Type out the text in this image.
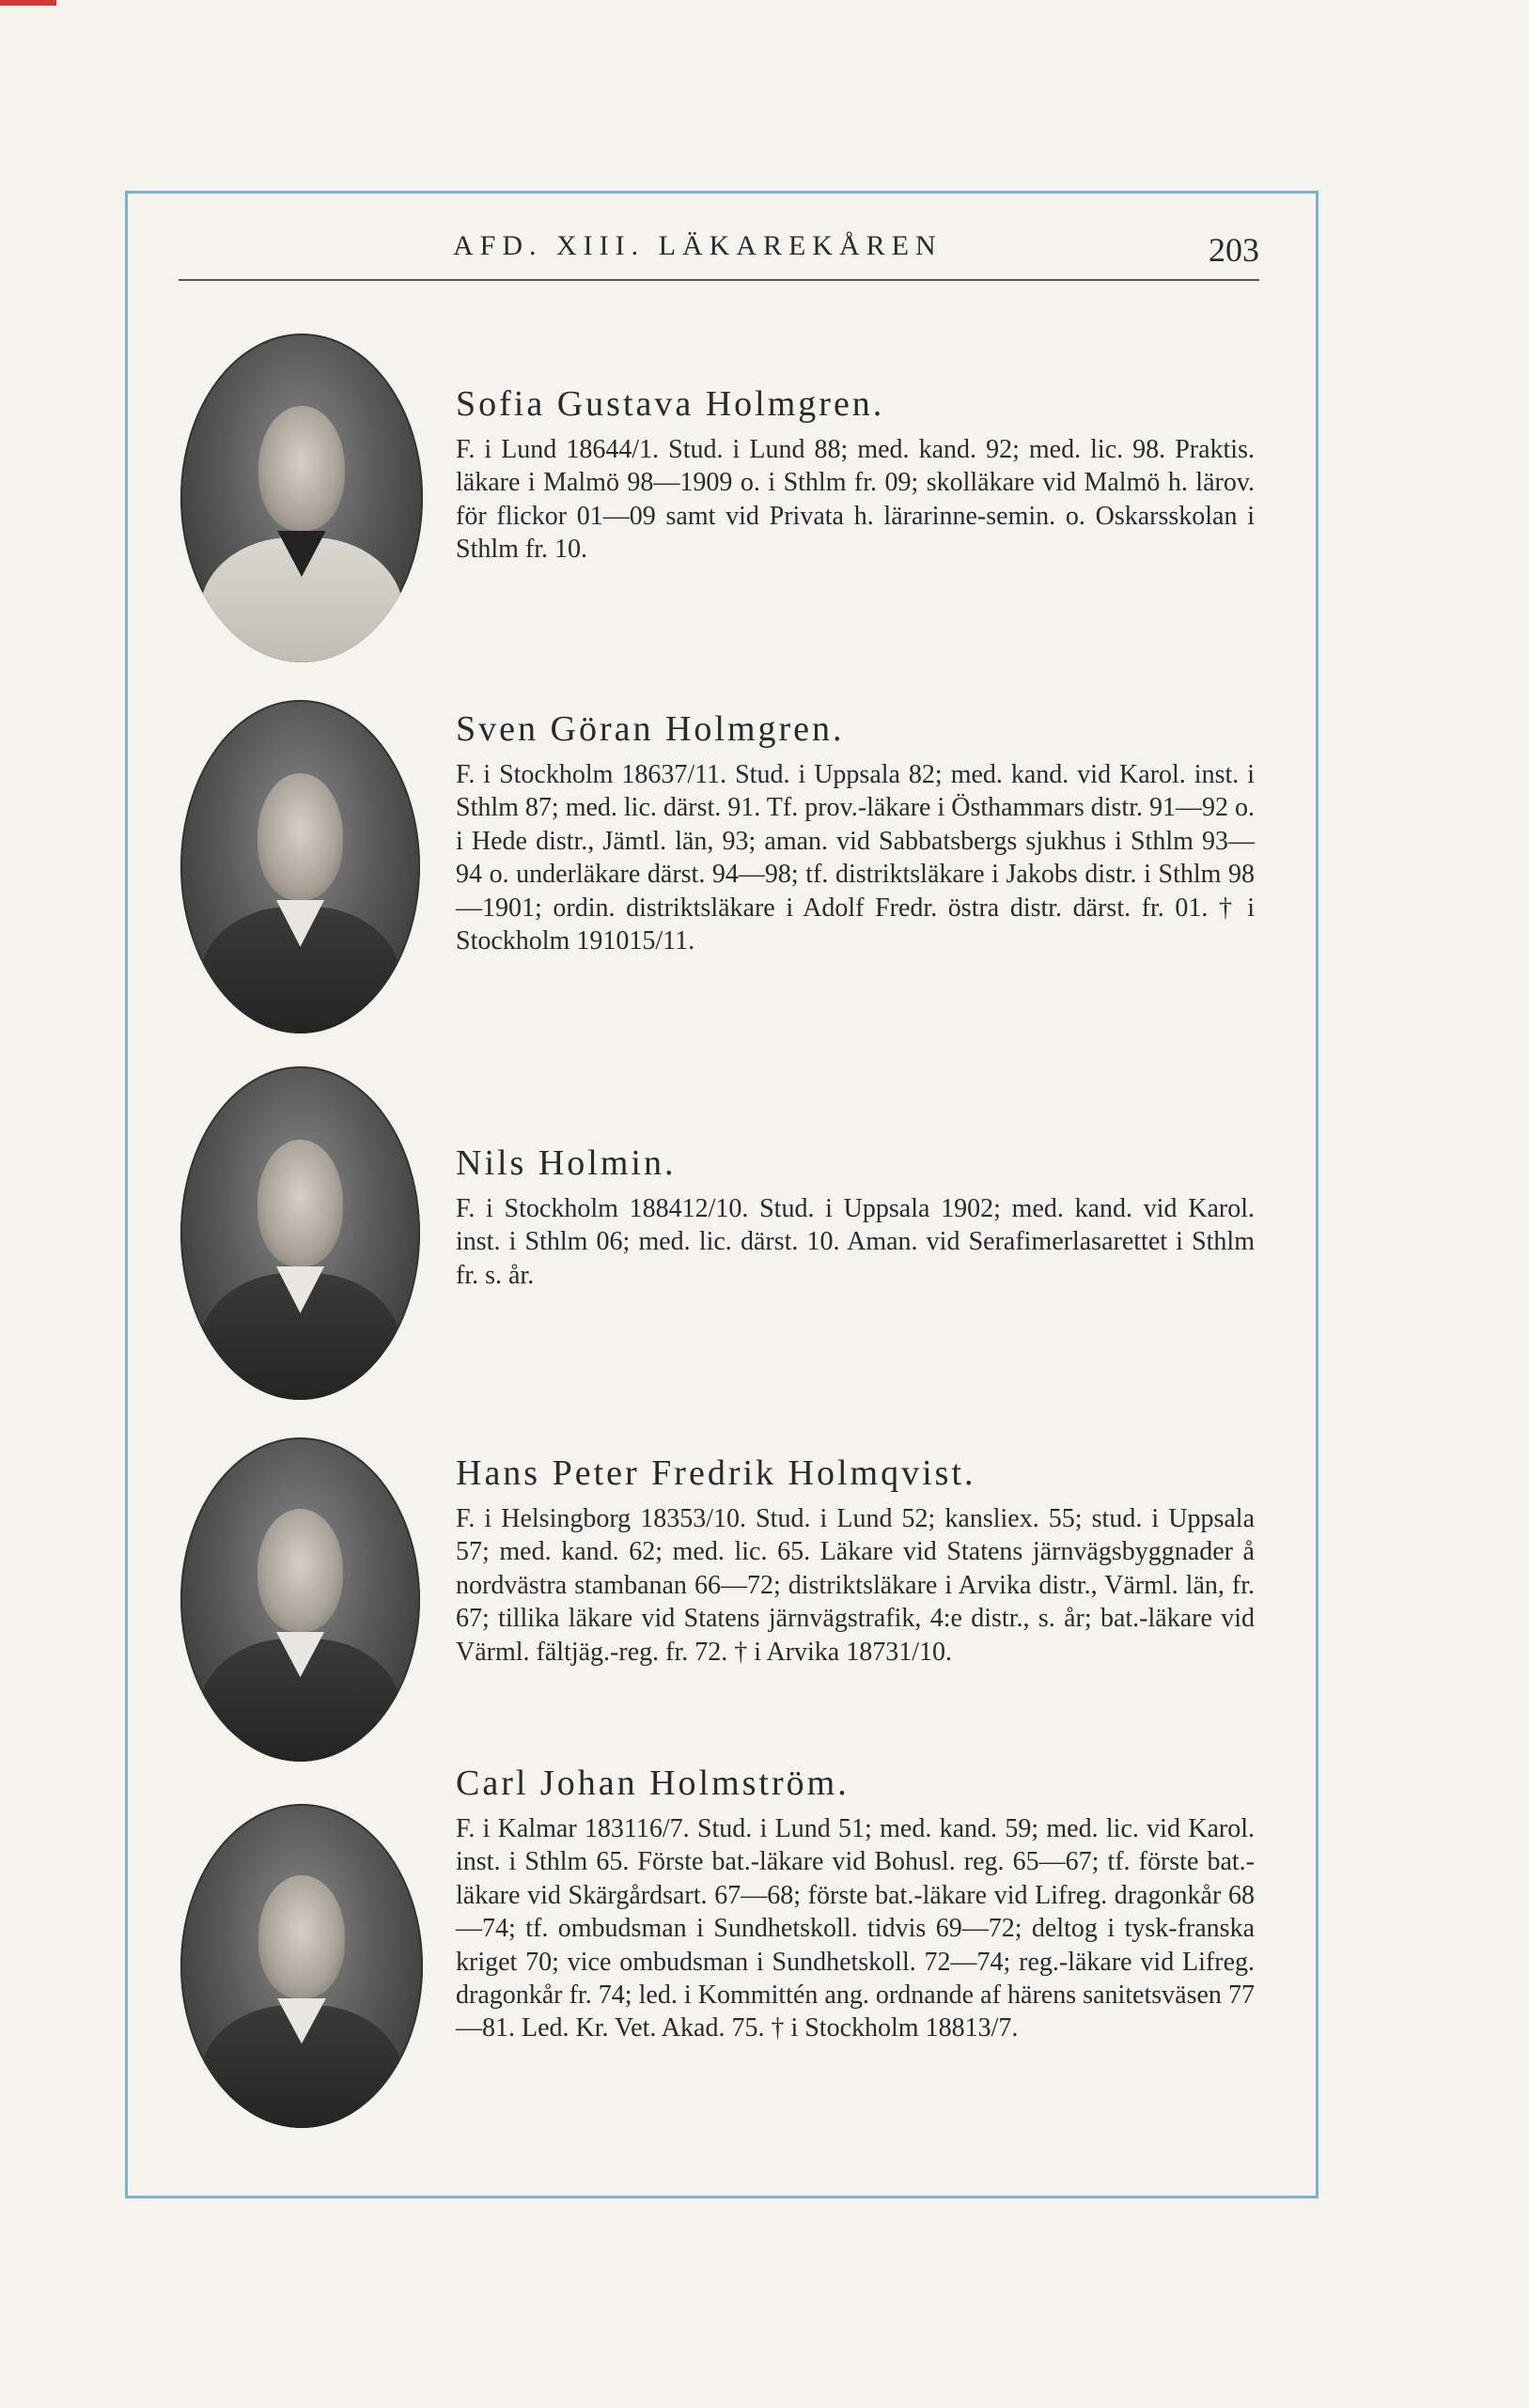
AFD. XIII. LÄKAREKÅREN	203
Sofia Gustava Holmgren.

F. i Lund 18644/1. Stud. i Lund 88; med. kand. 92; med. lic. 98. Praktis. läkare i Malmö 98—1909 o. i Sthlm fr. 09; skolläkare vid Malmö h. lärov. för flickor 01—09 samt vid Privata h. lärarinne-semin. o. Oskarsskolan i Sthlm fr. 10.

Sven Göran Holmgren.

F. i Stockholm 18637/11. Stud. i Uppsala 82; med. kand. vid Karol. inst. i Sthlm 87; med. lic. därst. 91. Tf. prov.-läkare i Östhammars distr. 91—92 o. i Hede distr., Jämtl. län, 93; aman. vid Sabbatsbergs sjukhus i Sthlm 93—94 o. underläkare därst. 94—98; tf. distriktsläkare i Jakobs distr. i Sthlm 98—1901; ordin. distriktsläkare i Adolf Fredr. östra distr. därst. fr. 01. † i Stockholm 191015/11.

Nils Holmin.

F. i Stockholm 188412/10. Stud. i Uppsala 1902; med. kand. vid Karol. inst. i Sthlm 06; med. lic. därst. 10. Aman. vid Serafimerlasarettet i Sthlm fr. s. år.

Hans Peter Fredrik Holmqvist.

F. i Helsingborg 18353/10. Stud. i Lund 52; kansliex. 55; stud. i Uppsala 57; med. kand. 62; med. lic. 65. Läkare vid Statens järnvägsbyggnader å nordvästra stambanan 66—72; distriktsläkare i Arvika distr., Värml. län, fr. 67; tillika läkare vid Statens järnvägstrafik, 4:e distr., s. år; bat.-läkare vid Värml. fältjäg.-reg. fr. 72. † i Arvika 18731/10.

Carl Johan Holmström.

F. i Kalmar 183116/7. Stud. i Lund 51; med. kand. 59; med. lic. vid Karol. inst. i Sthlm 65. Förste bat.-läkare vid Bohusl. reg. 65—67; tf. förste bat.-läkare vid Skärgårdsart. 67—68; förste bat.-läkare vid Lifreg. dragonkår 68—74; tf. ombudsman i Sundhetskoll. tidvis 69—72; deltog i tysk-franska kriget 70; vice ombudsman i Sundhetskoll. 72—74; reg.-läkare vid Lifreg. dragonkår fr. 74; led. i Kommittén ang. ordnande af härens sanitetsväsen 77—81. Led. Kr. Vet. Akad. 75. † i Stockholm 18813/7.
